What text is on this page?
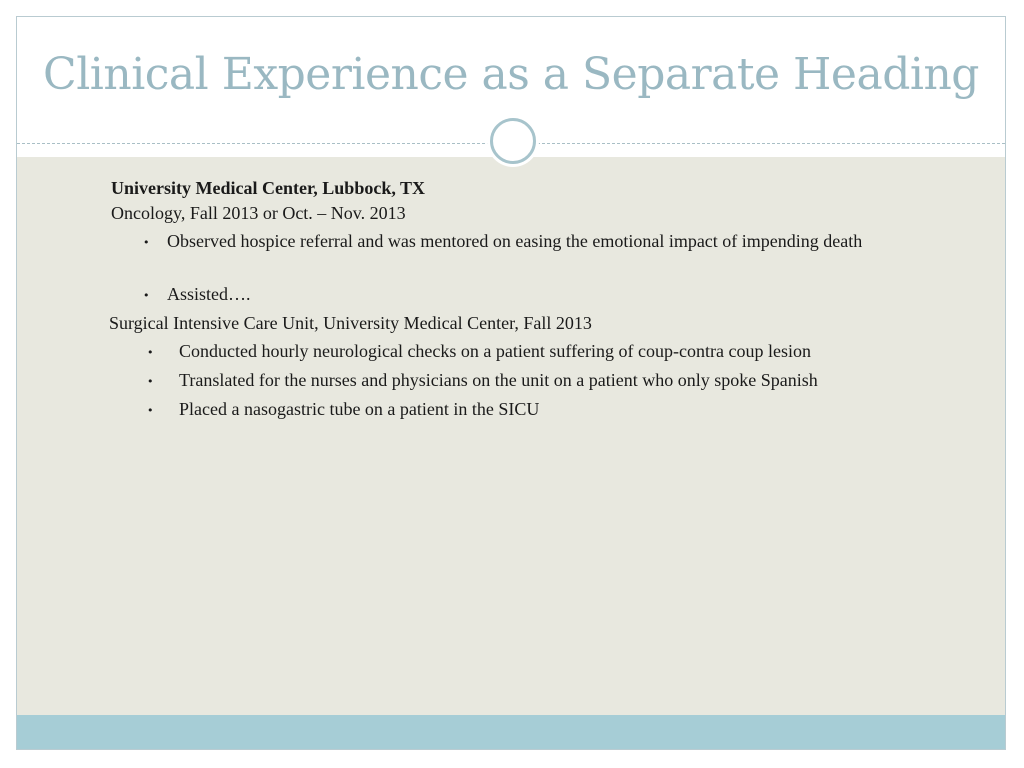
Clinical Experience as a Separate Heading
University Medical Center, Lubbock, TX
Oncology, Fall 2013 or Oct. – Nov. 2013
• Observed hospice referral and was mentored on easing the emotional impact of impending death
• Assisted….
Surgical Intensive Care Unit, University Medical Center, Fall 2013
• Conducted hourly neurological checks on a patient suffering of coup-contra coup lesion
• Translated for the nurses and physicians on the unit on a patient who only spoke Spanish
• Placed a nasogastric tube on a patient in the SICU
